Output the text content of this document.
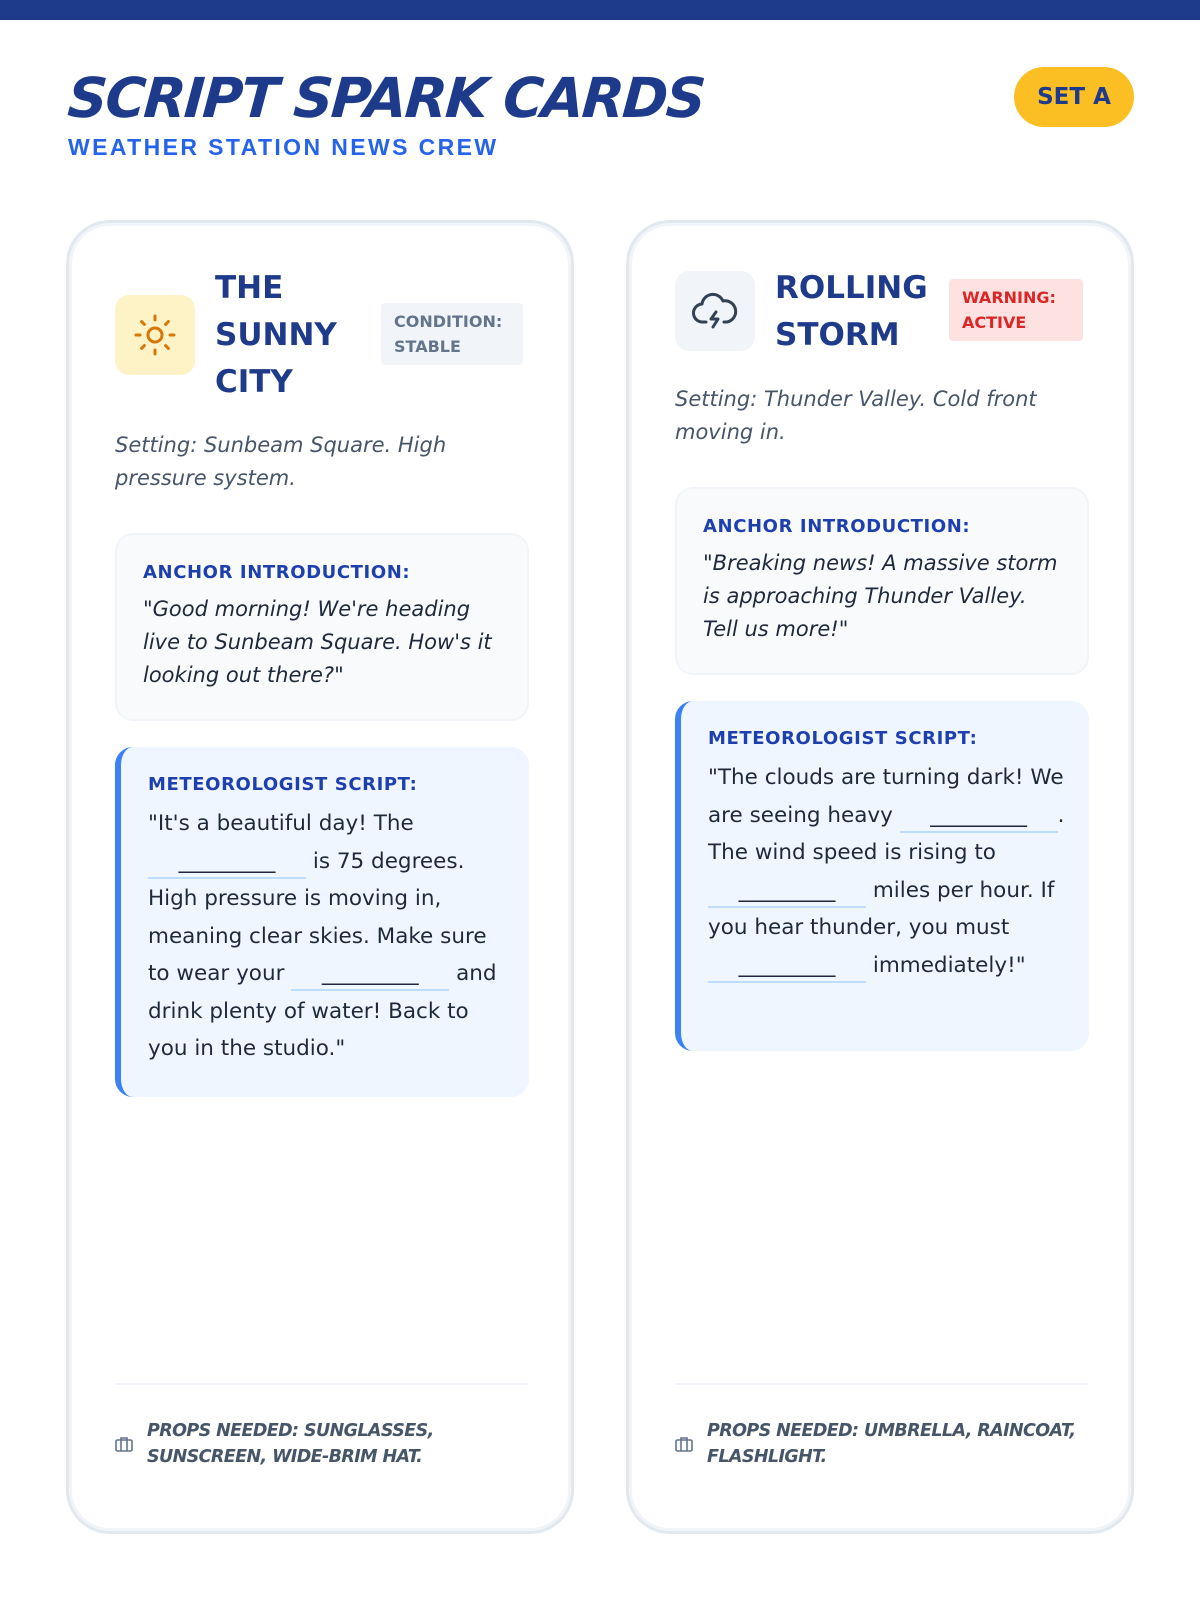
SCRIPT SPARK CARDS
WEATHER STATION NEWS CREW
SET A
THE SUNNY CITY
CONDITION: STABLE
Setting: Sunbeam Square. High pressure system.
ANCHOR INTRODUCTION:
"Good morning! We're heading live to Sunbeam Square. How's it looking out there?"
METEOROLOGIST SCRIPT:
"It's a beautiful day! The _________ is 75 degrees. High pressure is moving in, meaning clear skies. Make sure to wear your _________ and drink plenty of water! Back to you in the studio."
PROPS NEEDED: SUNGLASSES, SUNSCREEN, WIDE-BRIM HAT.
ROLLING STORM
WARNING: ACTIVE
Setting: Thunder Valley. Cold front moving in.
ANCHOR INTRODUCTION:
"Breaking news! A massive storm is approaching Thunder Valley. Tell us more!"
METEOROLOGIST SCRIPT:
"The clouds are turning dark! We are seeing heavy _________ . The wind speed is rising to _________ miles per hour. If you hear thunder, you must _________ immediately!"
PROPS NEEDED: UMBRELLA, RAINCOAT, FLASHLIGHT.
